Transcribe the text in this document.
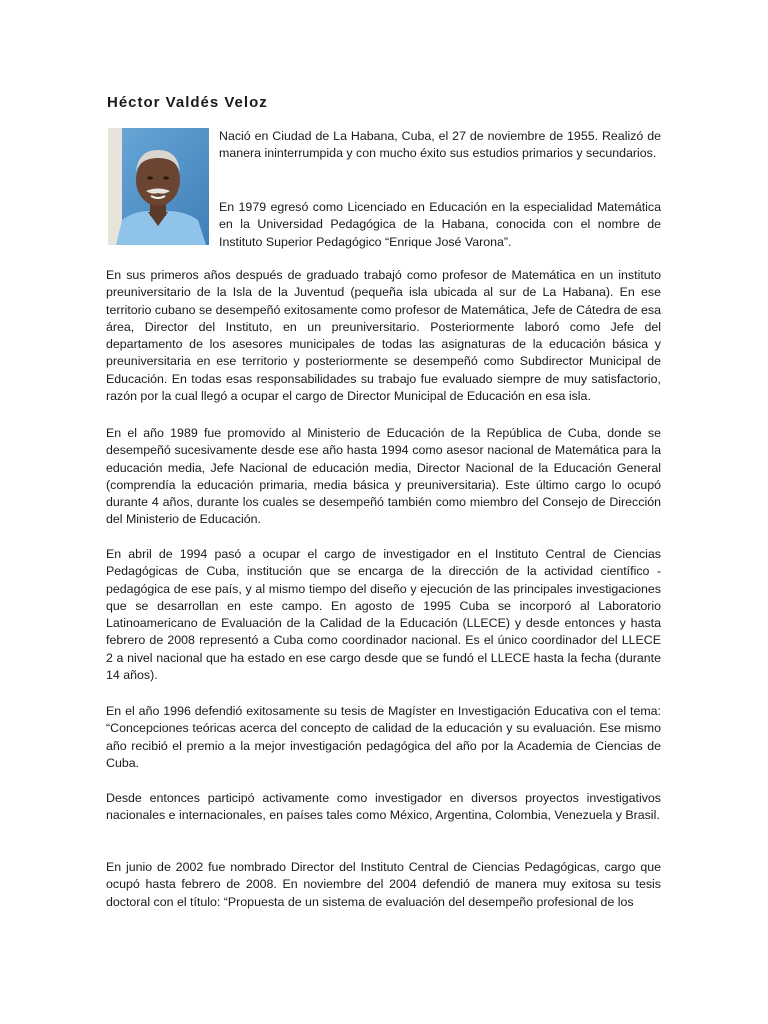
Héctor Valdés Veloz

Nació en Ciudad de La Habana, Cuba, el 27 de noviembre de 1955. Realizó de manera ininterrumpida y con mucho éxito sus estudios primarios y secundarios.

En 1979 egresó como Licenciado en Educación en la especialidad Matemática en la Universidad Pedagógica de la Habana, conocida con el nombre de Instituto Superior Pedagógico “Enrique José Varona”.

En sus primeros años después de graduado trabajó como profesor de Matemática en un instituto preuniversitario de la Isla de la Juventud (pequeña isla ubicada al sur de La Habana). En ese territorio cubano se desempeñó exitosamente como profesor de Matemática, Jefe de Cátedra de esa área, Director del Instituto, en un preuniversitario. Posteriormente laboró como Jefe del departamento de los asesores municipales de todas las asignaturas de la educación básica y preuniversitaria en ese territorio y posteriormente se desempeñó como Subdirector Municipal de Educación. En todas esas responsabilidades su trabajo fue evaluado siempre de muy satisfactorio, razón por la cual llegó a ocupar el cargo de Director Municipal de Educación en esa isla.

En el año 1989 fue promovido al Ministerio de Educación de la República de Cuba, donde se desempeñó sucesivamente desde ese año hasta 1994 como asesor nacional de Matemática para la educación media, Jefe Nacional de educación media, Director Nacional de la Educación General (comprendía la educación primaria, media básica y preuniversitaria). Este último cargo lo ocupó durante 4 años, durante los cuales se desempeñó también como miembro del Consejo de Dirección del Ministerio de Educación.

En abril de 1994 pasó a ocupar el cargo de investigador en el Instituto Central de Ciencias Pedagógicas de Cuba, institución que se encarga de la dirección de la actividad científico - pedagógica de ese país, y al mismo tiempo del diseño y ejecución de las principales investigaciones que se desarrollan en este campo. En agosto de 1995 Cuba se incorporó al Laboratorio Latinoamericano de Evaluación de la Calidad de la Educación (LLECE) y desde entonces y hasta febrero de 2008 representó a Cuba como coordinador nacional. Es el único coordinador del LLECE 2 a nivel nacional que ha estado en ese cargo desde que se fundó el LLECE hasta la fecha (durante 14 años).

En el año 1996 defendió exitosamente su tesis de Magíster en Investigación Educativa con el tema: “Concepciones teóricas acerca del concepto de calidad de la educación y su evaluación. Ese mismo año recibió el premio a la mejor investigación pedagógica del año por la Academia de Ciencias de Cuba.

Desde entonces participó activamente como investigador en diversos proyectos investigativos nacionales e internacionales, en países tales como México, Argentina, Colombia, Venezuela y Brasil.

En junio de 2002 fue nombrado Director del Instituto Central de Ciencias Pedagógicas, cargo que ocupó hasta febrero de 2008. En noviembre del 2004 defendió de manera muy exitosa su tesis doctoral con el título: “Propuesta de un sistema de evaluación del desempeño profesional de los
